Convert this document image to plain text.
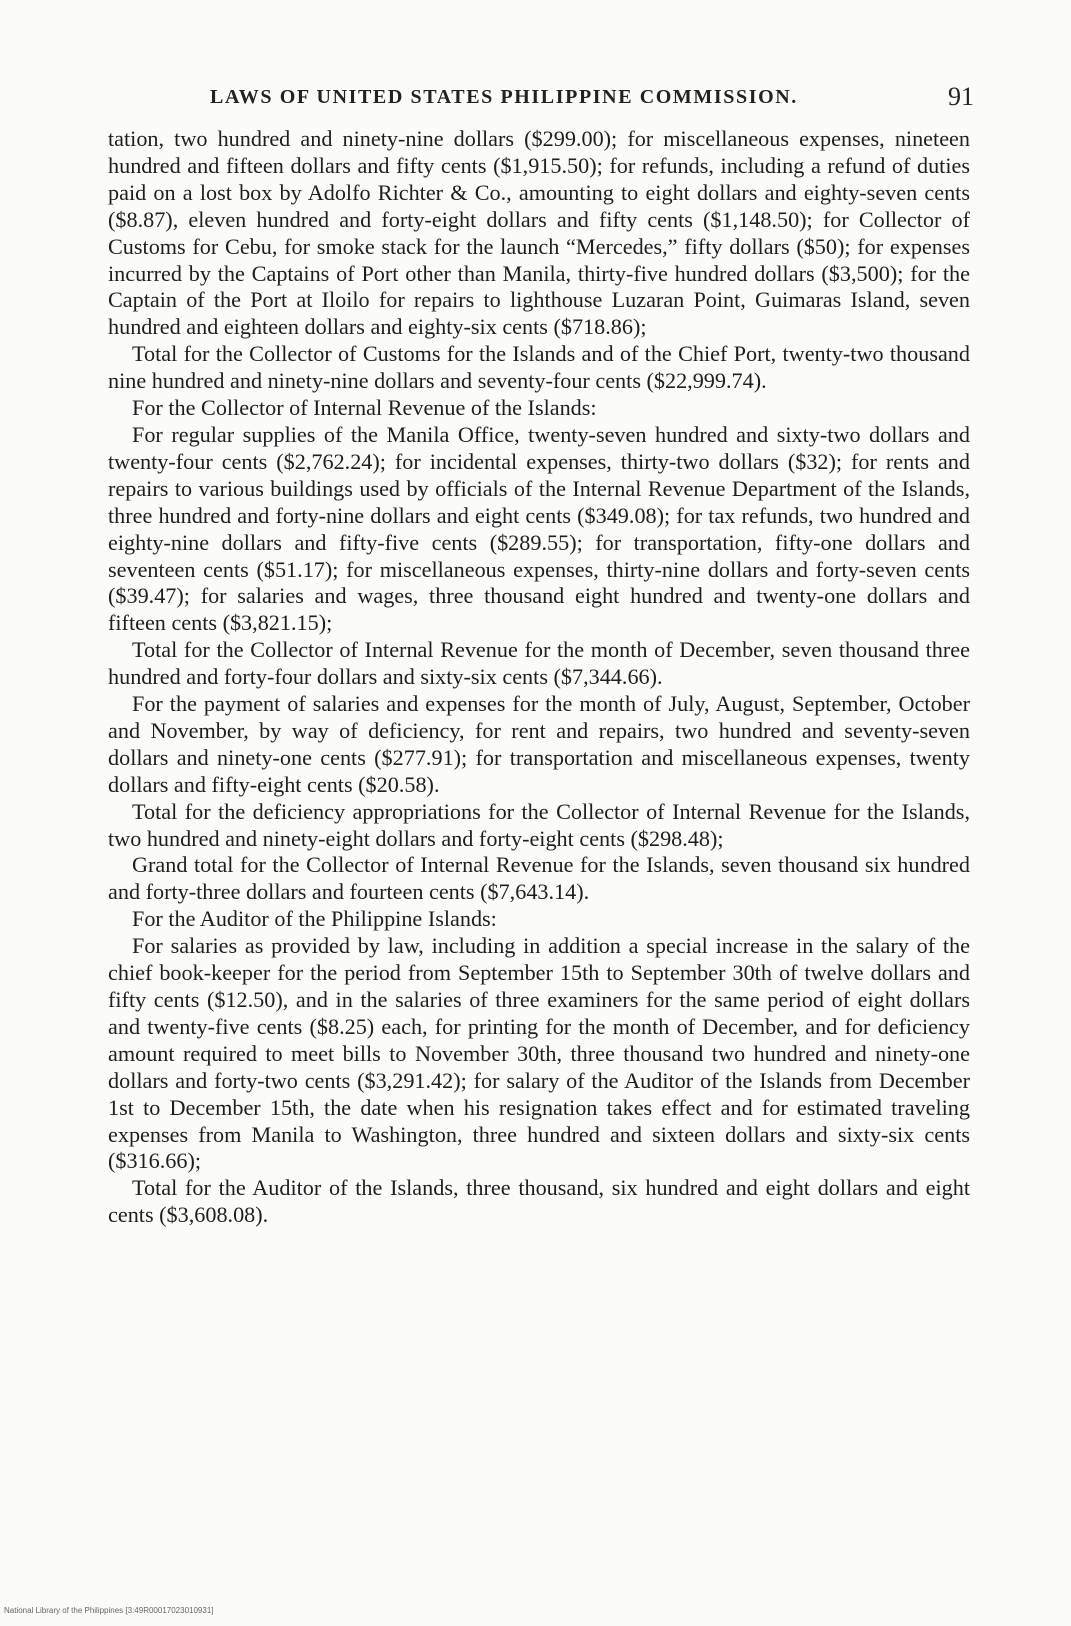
LAWS OF UNITED STATES PHILIPPINE COMMISSION.	91

tation, two hundred and ninety-nine dollars ($299.00); for miscellaneous expenses, nineteen hundred and fifteen dollars and fifty cents ($1,915.50); for refunds, including a refund of duties paid on a lost box by Adolfo Richter & Co., amounting to eight dollars and eighty-seven cents ($8.87), eleven hundred and forty-eight dollars and fifty cents ($1,148.50); for Collector of Customs for Cebu, for smoke stack for the launch “Mercedes,” fifty dollars ($50); for expenses incurred by the Captains of Port other than Manila, thirty-five hundred dollars ($3,500); for the Captain of the Port at Iloilo for repairs to lighthouse Luzaran Point, Guimaras Island, seven hundred and eighteen dollars and eighty-six cents ($718.86);

Total for the Collector of Customs for the Islands and of the Chief Port, twenty-two thousand nine hundred and ninety-nine dollars and seventy-four cents ($22,999.74).

For the Collector of Internal Revenue of the Islands:

For regular supplies of the Manila Office, twenty-seven hundred and sixty-two dollars and twenty-four cents ($2,762.24); for incidental expenses, thirty-two dollars ($32); for rents and repairs to various buildings used by officials of the Internal Revenue Department of the Islands, three hundred and forty-nine dollars and eight cents ($349.08); for tax refunds, two hundred and eighty-nine dollars and fifty-five cents ($289.55); for transportation, fifty-one dollars and seventeen cents ($51.17); for miscellaneous expenses, thirty-nine dollars and forty-seven cents ($39.47); for salaries and wages, three thousand eight hundred and twenty-one dollars and fifteen cents ($3,821.15);

Total for the Collector of Internal Revenue for the month of December, seven thousand three hundred and forty-four dollars and sixty-six cents ($7,344.66).

For the payment of salaries and expenses for the month of July, August, September, October and November, by way of deficiency, for rent and repairs, two hundred and seventy-seven dollars and ninety-one cents ($277.91); for transportation and miscellaneous expenses, twenty dollars and fifty-eight cents ($20.58).

Total for the deficiency appropriations for the Collector of Internal Revenue for the Islands, two hundred and ninety-eight dollars and forty-eight cents ($298.48);

Grand total for the Collector of Internal Revenue for the Islands, seven thousand six hundred and forty-three dollars and fourteen cents ($7,643.14).

For the Auditor of the Philippine Islands:

For salaries as provided by law, including in addition a special increase in the salary of the chief book-keeper for the period from September 15th to September 30th of twelve dollars and fifty cents ($12.50), and in the salaries of three examiners for the same period of eight dollars and twenty-five cents ($8.25) each, for printing for the month of December, and for deficiency amount required to meet bills to November 30th, three thousand two hundred and ninety-one dollars and forty-two cents ($3,291.42); for salary of the Auditor of the Islands from December 1st to December 15th, the date when his resignation takes effect and for estimated traveling expenses from Manila to Washington, three hundred and sixteen dollars and sixty-six cents ($316.66);

Total for the Auditor of the Islands, three thousand, six hundred and eight dollars and eight cents ($3,608.08).

National Library of the Philippines [3:49R00017023010931]
